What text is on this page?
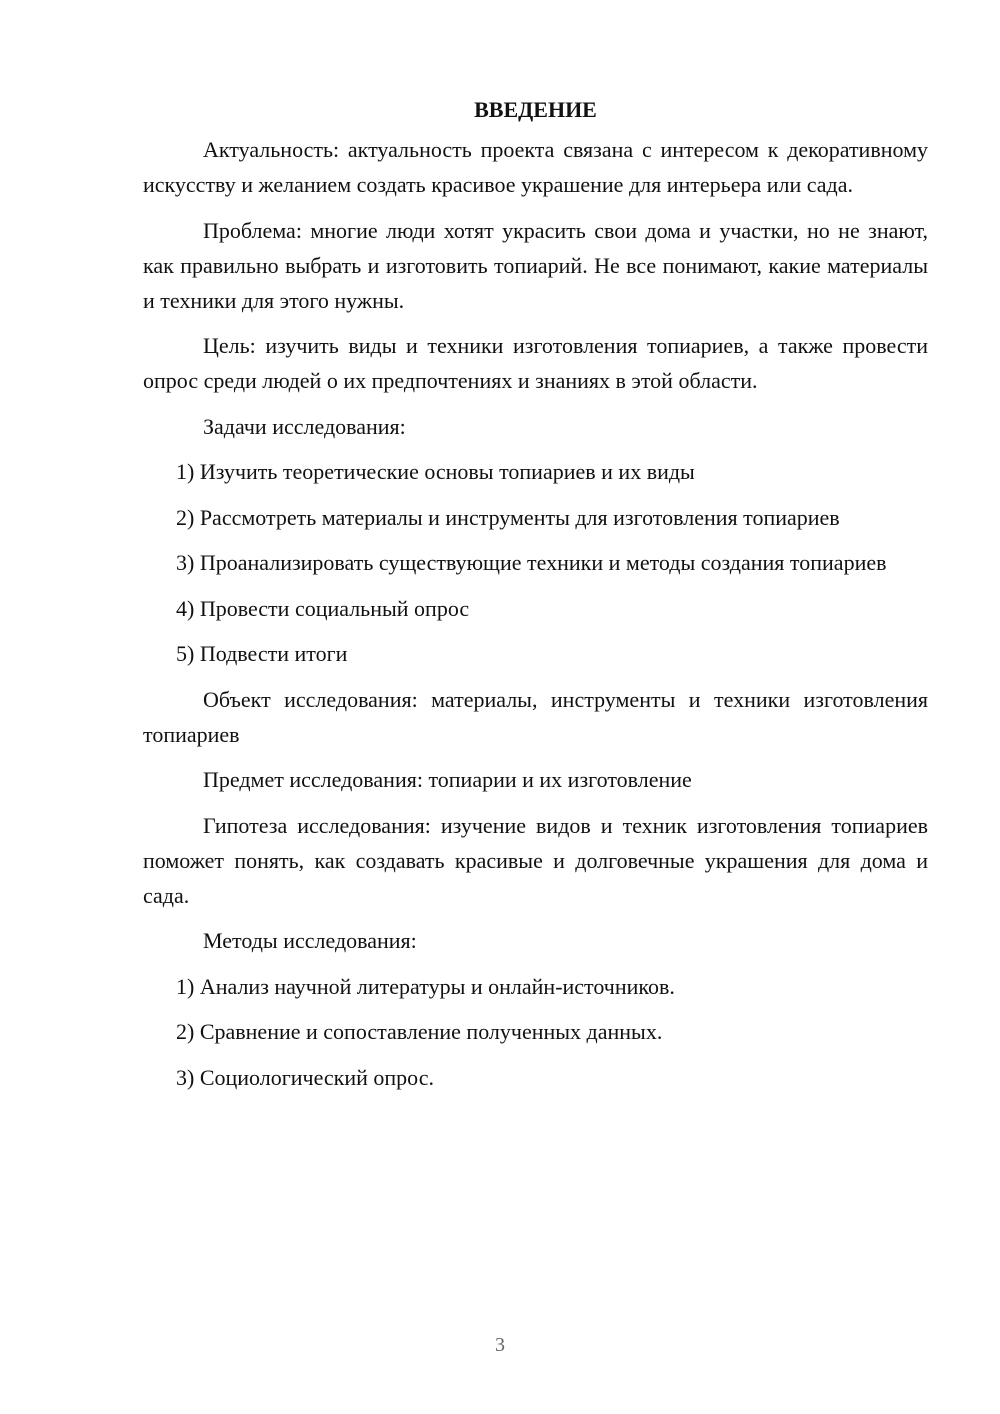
ВВЕДЕНИЕ

Актуальность: актуальность проекта связана с интересом к декоративному искусству и желанием создать красивое украшение для интерьера или сада.

Проблема: многие люди хотят украсить свои дома и участки, но не знают, как правильно выбрать и изготовить топиарий. Не все понимают, какие материалы и техники для этого нужны.

Цель: изучить виды и техники изготовления топиариев, а также провести опрос среди людей о их предпочтениях и знаниях в этой области.

Задачи исследования:

1) Изучить теоретические основы топиариев и их виды

2) Рассмотреть материалы и инструменты для изготовления топиариев

3) Проанализировать существующие техники и методы создания топиариев

4) Провести социальный опрос

5) Подвести итоги

Объект исследования: материалы, инструменты и техники изготовления топиариев

Предмет исследования: топиарии и их изготовление

Гипотеза исследования: изучение видов и техник изготовления топиариев поможет понять, как создавать красивые и долговечные украшения для дома и сада.

Методы исследования:

1) Анализ научной литературы и онлайн-источников.

2) Сравнение и сопоставление полученных данных.

3) Социологический опрос.

3
